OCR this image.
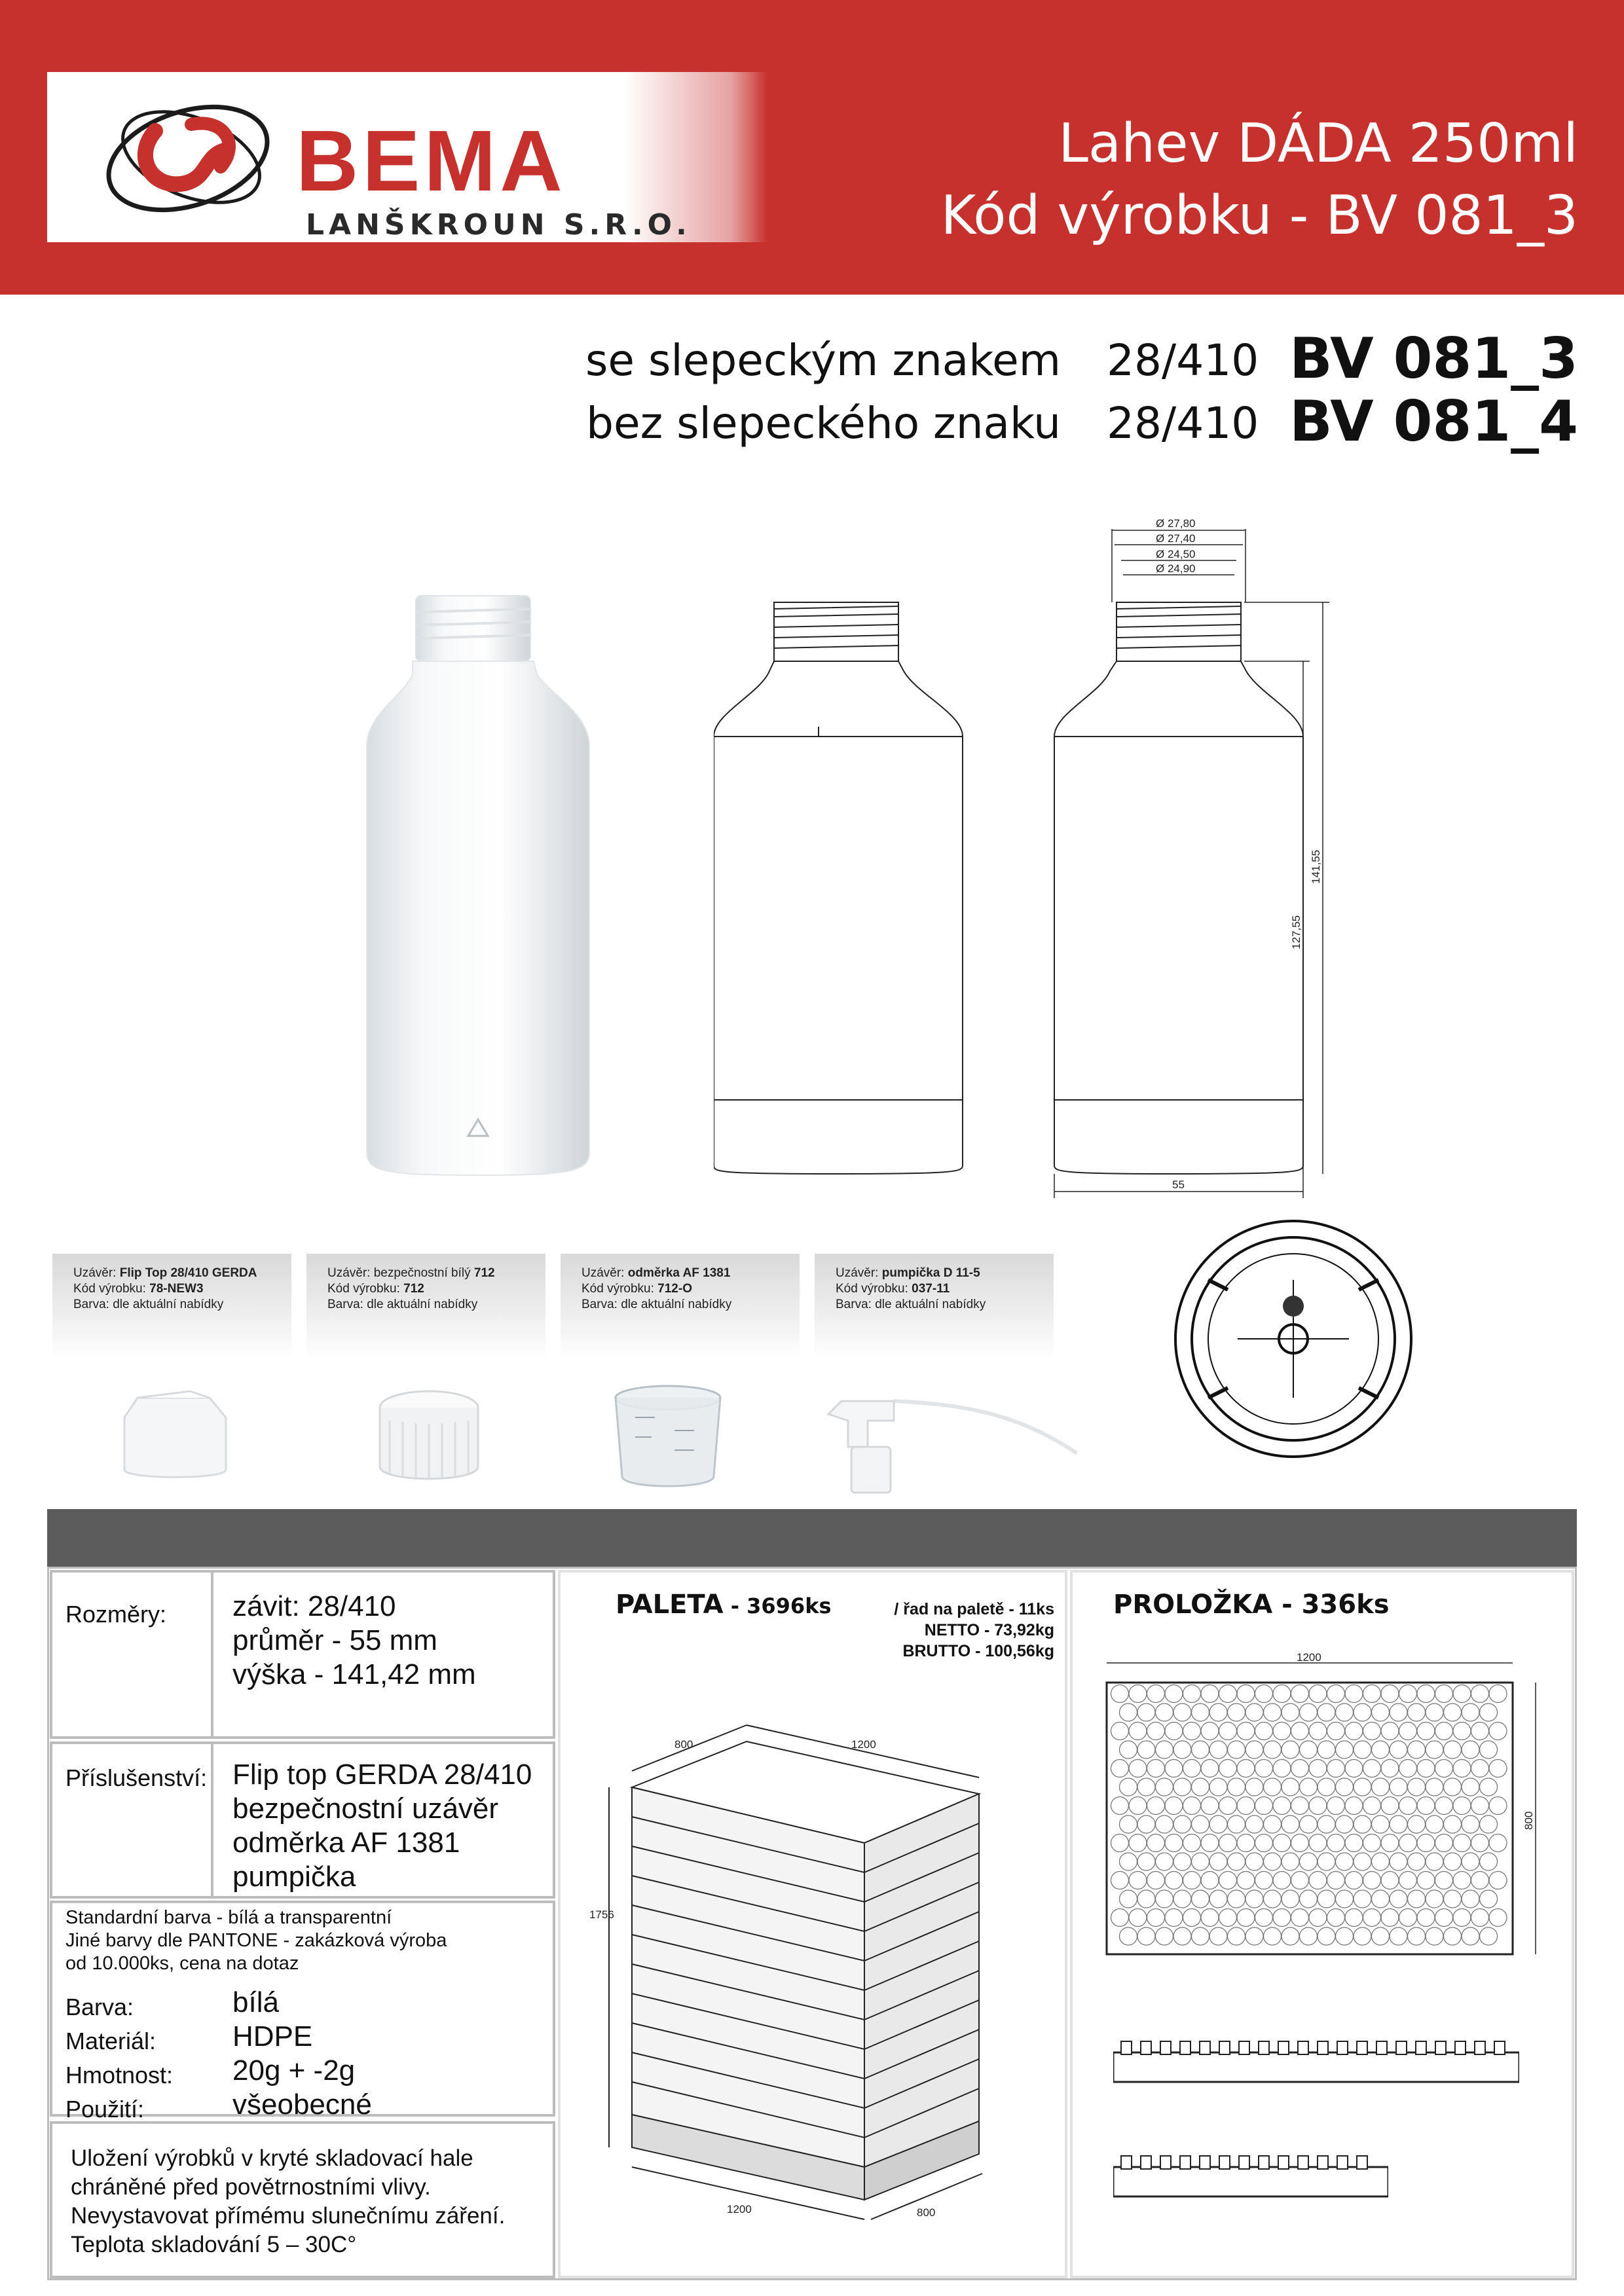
BEMA
LANŠKROUN S.R.O.
Lahev DÁDA 250ml
Kód výrobku - BV 081_3
se slepeckým znakem 28/410 BV 081_3
bez slepeckého znaku 28/410 BV 081_4
Ø 27,80
Ø 27,40
Ø 24,50
Ø 24,90
141,55
127,55
55
Uzávěr: Flip Top 28/410 GERDA
Kód výrobku: 78-NEW3
Barva: dle aktuální nabídky
Uzávěr: bezpečnostní bílý 712
Kód výrobku: 712
Barva: dle aktuální nabídky
Uzávěr: odměrka AF 1381
Kód výrobku: 712-O
Barva: dle aktuální nabídky
Uzávěr: pumpička D 11-5
Kód výrobku: 037-11
Barva: dle aktuální nabídky
Rozměry: závit: 28/410
průměr - 55 mm
výška - 141,42 mm
Příslušenství: Flip top GERDA 28/410
bezpečnostní uzávěr
odměrka AF 1381
pumpička
Standardní barva - bílá a transparentní
Jiné barvy dle PANTONE - zakázková výroba
od 10.000ks, cena na dotaz
Barva:	bílá
Materiál:	HDPE
Hmotnost: 20g + -2g
Použití:	všeobecné
Uložení výrobků v kryté skladovací hale
chráněné před povětrnostními vlivy.
Nevystavovat přímému slunečnímu záření.
Teplota skladování 5 – 30C°
PALETA - 3696ks	/ řad na paletě - 11ks
NETTO - 73,92kg
BRUTTO - 100,56kg
800	1200
1756
1200	800
PROLOŽKA - 336ks
1200
800
